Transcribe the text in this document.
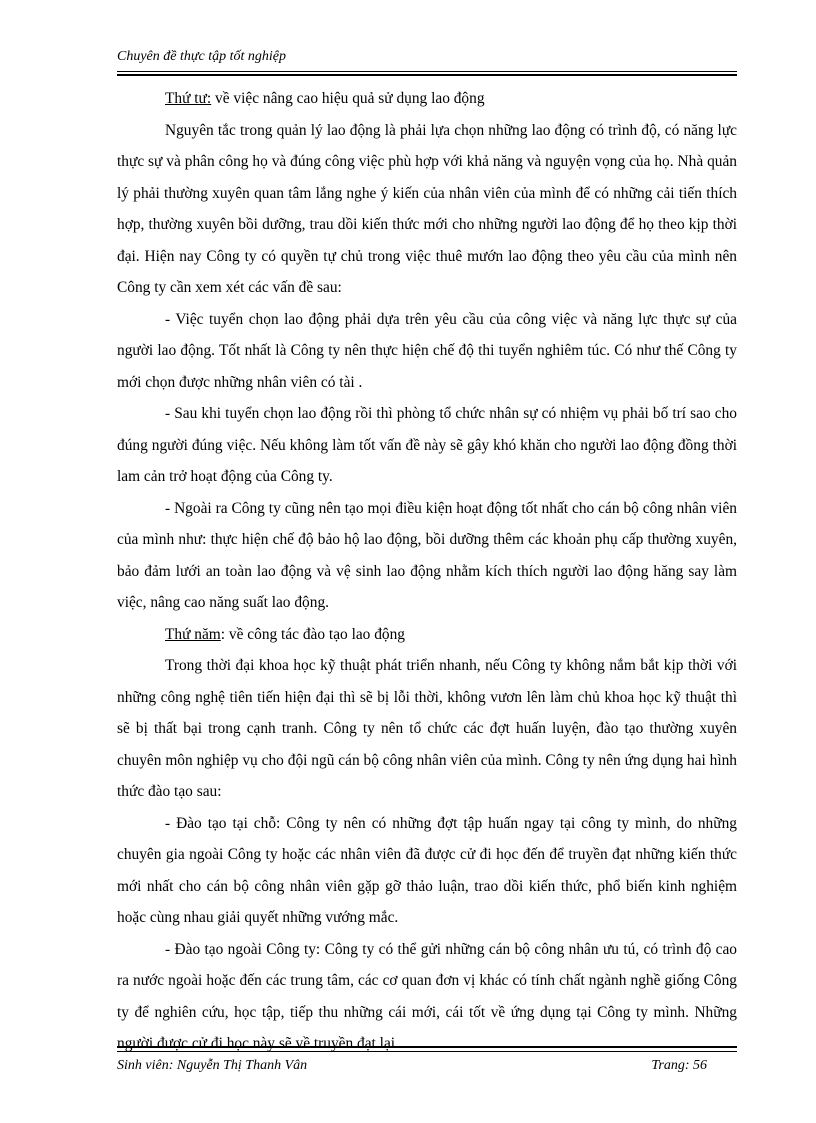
Chuyên đề thực tập tốt nghiệp

Thứ tư: về việc nâng cao hiệu quả sử dụng lao động

Nguyên tắc trong quản lý lao động là phải lựa chọn những lao động có trình độ, có năng lực thực sự và phân công họ và đúng công việc phù hợp với khả năng và nguyện vọng của họ. Nhà quản lý phải thường xuyên quan tâm lắng nghe ý kiến của nhân viên của mình để có những cải tiến thích hợp, thường xuyên bồi dưỡng, trau dồi kiến thức mới cho những người lao động để họ theo kịp thời đại. Hiện nay Công ty có quyền tự chủ trong việc thuê mướn lao động theo yêu cầu của mình nên Công ty cần xem xét các vấn đề sau:

- Việc tuyển chọn lao động phải dựa trên yêu cầu của công việc và năng lực thực sự của người lao động. Tốt nhất là Công ty nên thực hiện chế độ thi tuyển nghiêm túc. Có như thế Công ty mới chọn được những nhân viên có tài .

- Sau khi tuyển chọn lao động rồi thì phòng tổ chức nhân sự có nhiệm vụ phải bố trí sao cho đúng người đúng việc. Nếu không làm tốt vấn đề này sẽ gây khó khăn cho người lao động đồng thời lam cản trở hoạt động của Công ty.

- Ngoài ra Công ty cũng nên tạo mọi điều kiện hoạt động tốt nhất cho cán bộ công nhân viên của mình như: thực hiện chế độ bảo hộ lao động, bồi dưỡng thêm các khoản phụ cấp thường xuyên, bảo đảm lưới an toàn lao động và vệ sinh lao động nhằm kích thích người lao động hăng say làm việc, nâng cao năng suất lao động.

Thứ năm: về công tác đào tạo lao động

Trong thời đại khoa học kỹ thuật phát triển nhanh, nếu Công ty không nắm bắt kịp thời với những công nghệ tiên tiến hiện đại thì sẽ bị lỗi thời, không vươn lên làm chủ khoa học kỹ thuật thì sẽ bị thất bại trong cạnh tranh. Công ty nên tổ chức các đợt huấn luyện, đào tạo thường xuyên chuyên môn nghiệp vụ cho đội ngũ cán bộ công nhân viên của mình. Công ty nên ứng dụng hai hình thức đào tạo sau:

- Đào tạo tại chỗ: Công ty nên có những đợt tập huấn ngay tại công ty mình, do những chuyên gia ngoài Công ty hoặc các nhân viên đã được cử đi học đến để truyền đạt những kiến thức mới nhất cho cán bộ công nhân viên gặp gỡ thảo luận, trao dồi kiến thức, phổ biến kinh nghiệm hoặc cùng nhau giải quyết những vướng mắc.

- Đào tạo ngoài Công ty: Công ty có thể gửi những cán bộ công nhân ưu tú, có trình độ cao ra nước ngoài hoặc đến các trung tâm, các cơ quan đơn vị khác có tính chất ngành nghề giống Công ty để nghiên cứu, học tập, tiếp thu những cái mới, cái tốt về ứng dụng tại Công ty mình. Những người được cử đi học này sẽ về truyền đạt lại

Sinh viên: Nguyễn Thị Thanh Vân	Trang: 56
